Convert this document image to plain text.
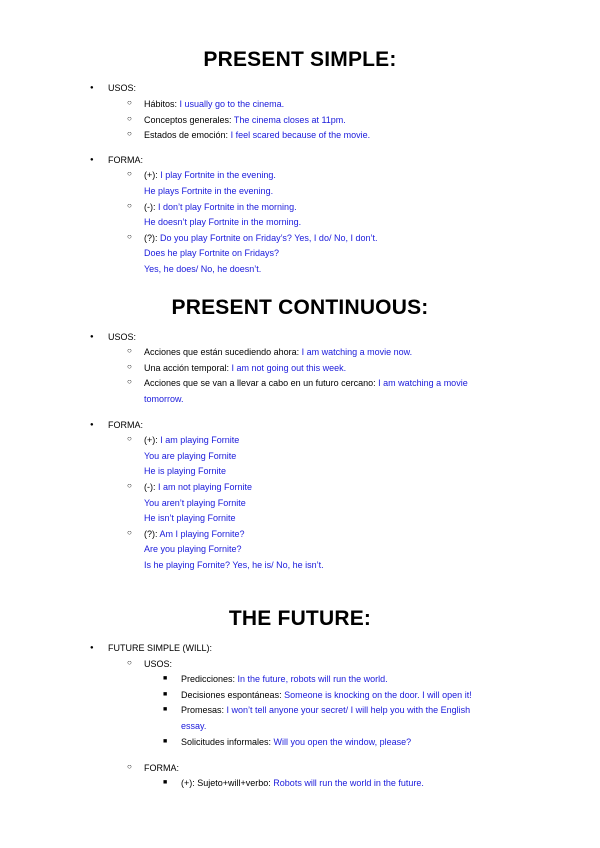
PRESENT SIMPLE:
● USOS:
○ Hábitos: I usually go to the cinema.
○ Conceptos generales: The cinema closes at 11pm.
○ Estados de emoción: I feel scared because of the movie.
● FORMA:
○ (+): I play Fortnite in the evening.
He plays Fortnite in the evening.
○ (-): I don’t play Fortnite in the morning.
He doesn’t play Fortnite in the morning.
○ (?): Do you play Fortnite on Friday’s? Yes, I do/ No, I don’t.
Does he play Fortnite on Fridays?
Yes, he does/ No, he doesn’t.
PRESENT CONTINUOUS:
● USOS:
○ Acciones que están sucediendo ahora: I am watching a movie now.
○ Una acción temporal: I am not going out this week.
○ Acciones que se van a llevar a cabo en un futuro cercano: I am watching a movie
tomorrow.
● FORMA:
○ (+): I am playing Fornite
You are playing Fornite
He is playing Fornite
○ (-): I am not playing Fornite
You aren’t playing Fornite
He isn’t playing Fornite
○ (?): Am I playing Fornite?
Are you playing Fornite?
Is he playing Fornite? Yes, he is/ No, he isn’t.
THE FUTURE:
● FUTURE SIMPLE (WILL):
○ USOS:
■ Predicciones: In the future, robots will run the world.
■ Decisiones espontáneas: Someone is knocking on the door. I will open it!
■ Promesas: I won’t tell anyone your secret/ I will help you with the English
essay.
■ Solicitudes informales: Will you open the window, please?
○ FORMA:
■ (+): Sujeto+will+verbo: Robots will run the world in the future.
